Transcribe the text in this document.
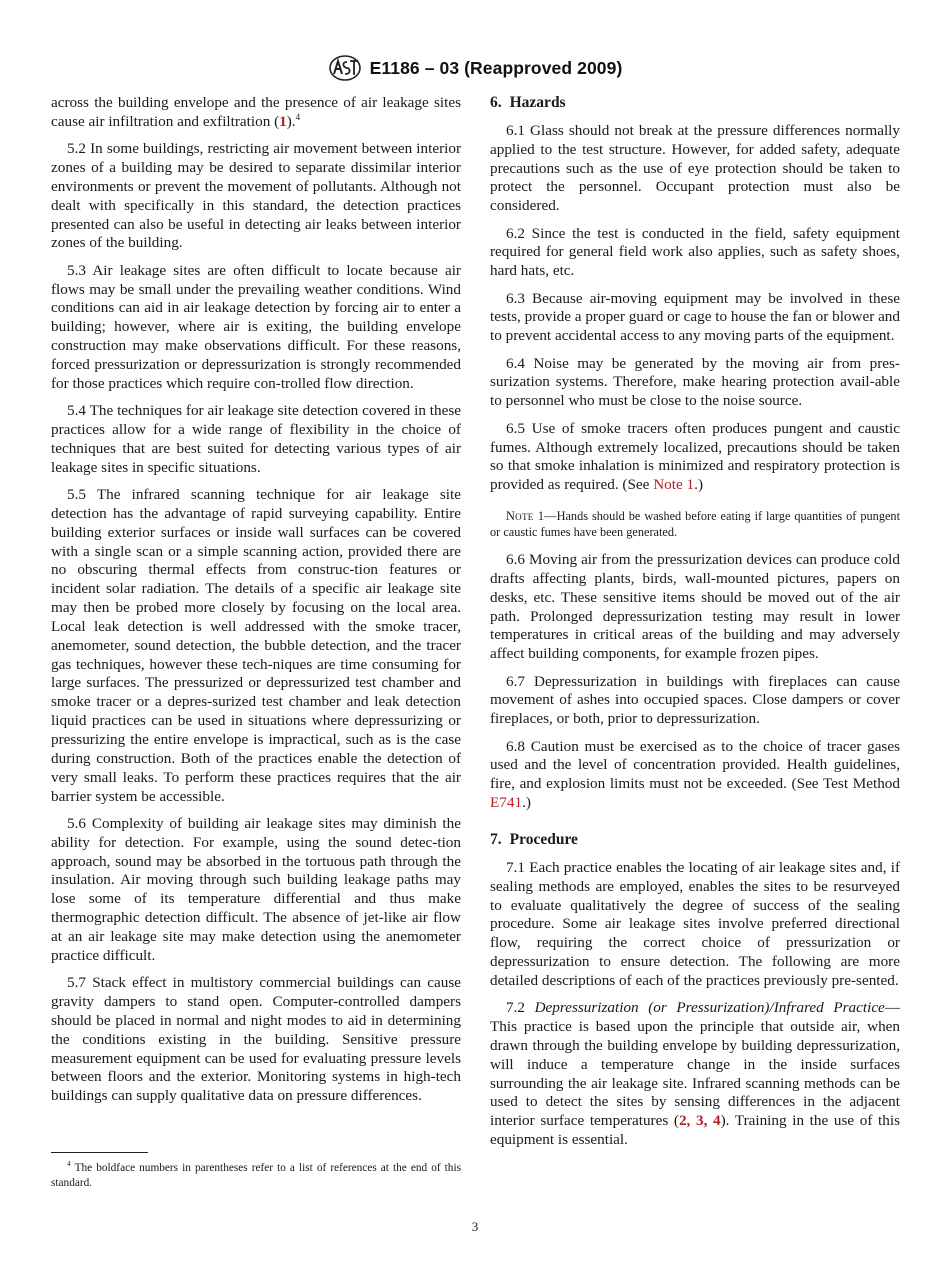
E1186 – 03 (Reapproved 2009)

across the building envelope and the presence of air leakage sites cause air infiltration and exfiltration (1).$^4$

5.2 In some buildings, restricting air movement between interior zones of a building may be desired to separate dissimilar interior environments or prevent the movement of pollutants. Although not dealt with specifically in this standard, the detection practices presented can also be useful in detecting air leaks between interior zones of the building.

5.3 Air leakage sites are often difficult to locate because air flows may be small under the prevailing weather conditions. Wind conditions can aid in air leakage detection by forcing air to enter a building; however, where air is exiting, the building envelope construction may make observations difficult. For these reasons, forced pressurization or depressurization is strongly recommended for those practices which require con-trolled flow direction.

5.4 The techniques for air leakage site detection covered in these practices allow for a wide range of flexibility in the choice of techniques that are best suited for detecting various types of air leakage sites in specific situations.

5.5 The infrared scanning technique for air leakage site detection has the advantage of rapid surveying capability. Entire building exterior surfaces or inside wall surfaces can be covered with a single scan or a simple scanning action, provided there are no obscuring thermal effects from construc-tion features or incident solar radiation. The details of a specific air leakage site may then be probed more closely by focusing on the local area. Local leak detection is well addressed with the smoke tracer, anemometer, sound detection, the bubble detection, and the tracer gas techniques, however these tech-niques are time consuming for large surfaces. The pressurized or depressurized test chamber and smoke tracer or a depres-surized test chamber and leak detection liquid practices can be used in situations where depressurizing or pressurizing the entire envelope is impractical, such as is the case during construction. Both of the practices enable the detection of very small leaks. To perform these practices requires that the air barrier system be accessible.

5.6 Complexity of building air leakage sites may diminish the ability for detection. For example, using the sound detec-tion approach, sound may be absorbed in the tortuous path through the insulation. Air moving through such building leakage paths may lose some of its temperature differential and thus make thermographic detection difficult. The absence of jet-like air flow at an air leakage site may make detection using the anemometer practice difficult.

5.7 Stack effect in multistory commercial buildings can cause gravity dampers to stand open. Computer-controlled dampers should be placed in normal and night modes to aid in determining the conditions existing in the building. Sensitive pressure measurement equipment can be used for evaluating pressure levels between floors and the exterior. Monitoring systems in high-tech buildings can supply qualitative data on pressure differences.

6. Hazards

6.1 Glass should not break at the pressure differences normally applied to the test structure. However, for added safety, adequate precautions such as the use of eye protection should be taken to protect the personnel. Occupant protection must also be considered.

6.2 Since the test is conducted in the field, safety equipment required for general field work also applies, such as safety shoes, hard hats, etc.

6.3 Because air-moving equipment may be involved in these tests, provide a proper guard or cage to house the fan or blower and to prevent accidental access to any moving parts of the equipment.

6.4 Noise may be generated by the moving air from pres-surization systems. Therefore, make hearing protection avail-able to personnel who must be close to the noise source.

6.5 Use of smoke tracers often produces pungent and caustic fumes. Although extremely localized, precautions should be taken so that smoke inhalation is minimized and respiratory protection is provided as required. (See Note 1.)

Note 1—Hands should be washed before eating if large quantities of pungent or caustic fumes have been generated.

6.6 Moving air from the pressurization devices can produce cold drafts affecting plants, birds, wall-mounted pictures, papers on desks, etc. These sensitive items should be moved out of the air path. Prolonged depressurization testing may result in lower temperatures in critical areas of the building and may adversely affect building components, for example frozen pipes.

6.7 Depressurization in buildings with fireplaces can cause movement of ashes into occupied spaces. Close dampers or cover fireplaces, or both, prior to depressurization.

6.8 Caution must be exercised as to the choice of tracer gases used and the level of concentration provided. Health guidelines, fire, and explosion limits must not be exceeded. (See Test Method E741.)

7. Procedure

7.1 Each practice enables the locating of air leakage sites and, if sealing methods are employed, enables the sites to be resurveyed to evaluate qualitatively the degree of success of the sealing procedure. Some air leakage sites involve preferred directional flow, requiring the correct choice of pressurization or depressurization to ensure detection. The following are more detailed descriptions of each of the practices previously pre-sented.

7.2 Depressurization (or Pressurization)/Infrared Practice—This practice is based upon the principle that outside air, when drawn through the building envelope by building depressurization, will induce a temperature change in the inside surfaces surrounding the air leakage site. Infrared scanning methods can be used to detect the sites by sensing differences in the adjacent interior surface temperatures (2, 3, 4). Training in the use of this equipment is essential.

$^4$ The boldface numbers in parentheses refer to a list of references at the end of this standard.
3
